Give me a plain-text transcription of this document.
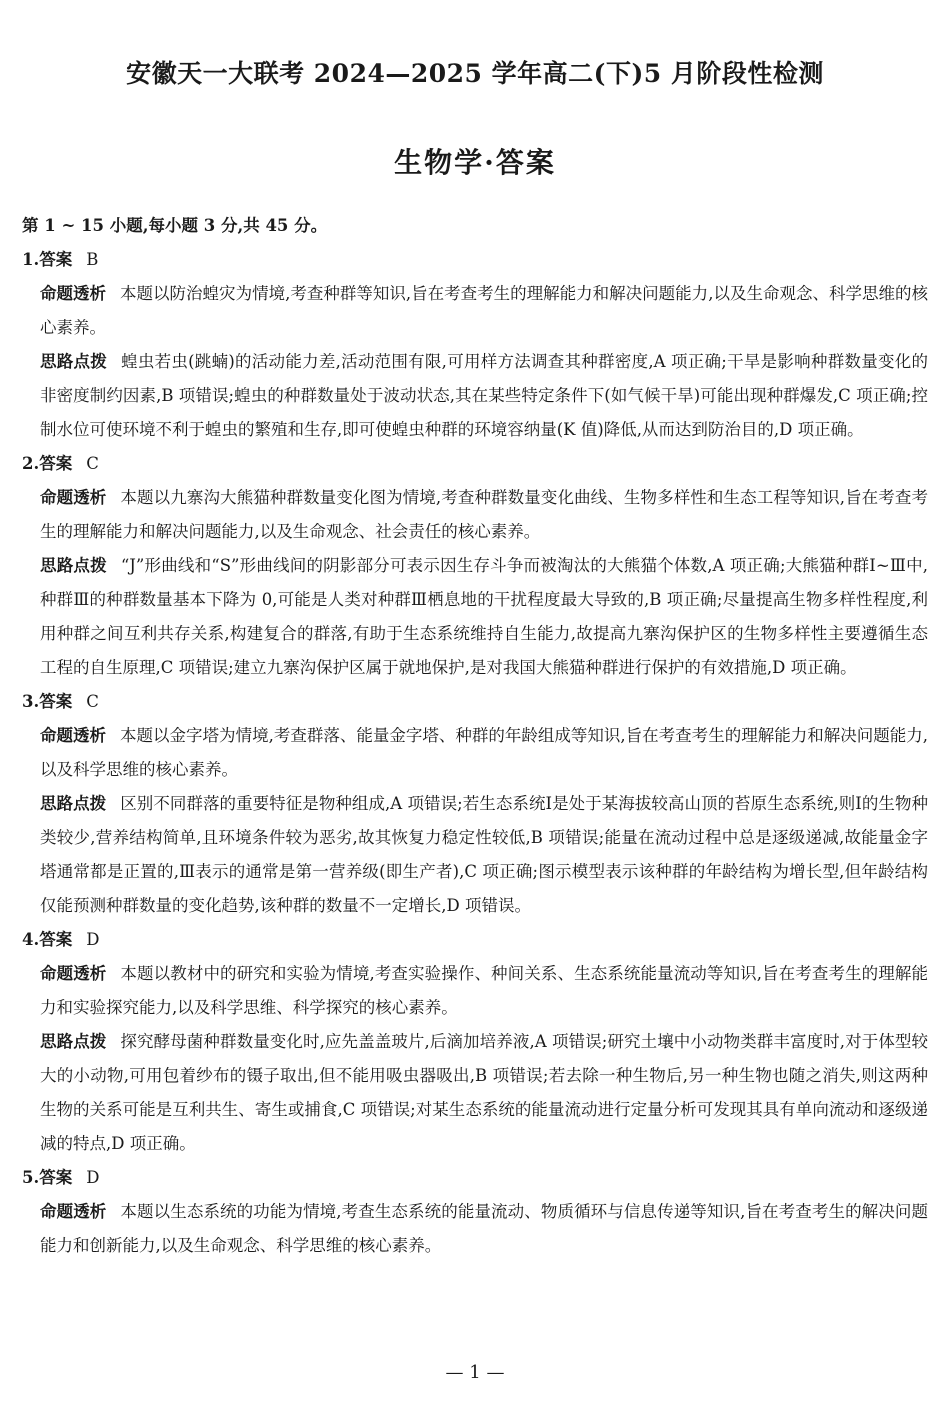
安徽天一大联考 2024—2025 学年高二(下)5 月阶段性检测
生物学·答案
第 1 ~ 15 小题,每小题 3 分,共 45 分。
1.答案 B
命题透析 本题以防治蝗灾为情境,考查种群等知识,旨在考查考生的理解能力和解决问题能力,以及生命观念、科学思维的核心素养。
思路点拨 蝗虫若虫(跳蝻)的活动能力差,活动范围有限,可用样方法调查其种群密度,A 项正确;干旱是影响种群数量变化的非密度制约因素,B 项错误;蝗虫的种群数量处于波动状态,其在某些特定条件下(如气候干旱)可能出现种群爆发,C 项正确;控制水位可使环境不利于蝗虫的繁殖和生存,即可使蝗虫种群的环境容纳量(K 值)降低,从而达到防治目的,D 项正确。
2.答案 C
命题透析 本题以九寨沟大熊猫种群数量变化图为情境,考查种群数量变化曲线、生物多样性和生态工程等知识,旨在考查考生的理解能力和解决问题能力,以及生命观念、社会责任的核心素养。
思路点拨 “J”形曲线和“S”形曲线间的阴影部分可表示因生存斗争而被淘汰的大熊猫个体数,A 项正确;大熊猫种群Ⅰ~Ⅲ中,种群Ⅲ的种群数量基本下降为 0,可能是人类对种群Ⅲ栖息地的干扰程度最大导致的,B 项正确;尽量提高生物多样性程度,利用种群之间互利共存关系,构建复合的群落,有助于生态系统维持自生能力,故提高九寨沟保护区的生物多样性主要遵循生态工程的自生原理,C 项错误;建立九寨沟保护区属于就地保护,是对我国大熊猫种群进行保护的有效措施,D 项正确。
3.答案 C
命题透析 本题以金字塔为情境,考查群落、能量金字塔、种群的年龄组成等知识,旨在考查考生的理解能力和解决问题能力,以及科学思维的核心素养。
思路点拨 区别不同群落的重要特征是物种组成,A 项错误;若生态系统Ⅰ是处于某海拔较高山顶的苔原生态系统,则Ⅰ的生物种类较少,营养结构简单,且环境条件较为恶劣,故其恢复力稳定性较低,B 项错误;能量在流动过程中总是逐级递减,故能量金字塔通常都是正置的,Ⅲ表示的通常是第一营养级(即生产者),C 项正确;图示模型表示该种群的年龄结构为增长型,但年龄结构仅能预测种群数量的变化趋势,该种群的数量不一定增长,D 项错误。
4.答案 D
命题透析 本题以教材中的研究和实验为情境,考查实验操作、种间关系、生态系统能量流动等知识,旨在考查考生的理解能力和实验探究能力,以及科学思维、科学探究的核心素养。
思路点拨 探究酵母菌种群数量变化时,应先盖盖玻片,后滴加培养液,A 项错误;研究土壤中小动物类群丰富度时,对于体型较大的小动物,可用包着纱布的镊子取出,但不能用吸虫器吸出,B 项错误;若去除一种生物后,另一种生物也随之消失,则这两种生物的关系可能是互利共生、寄生或捕食,C 项错误;对某生态系统的能量流动进行定量分析可发现其具有单向流动和逐级递减的特点,D 项正确。
5.答案 D
命题透析 本题以生态系统的功能为情境,考查生态系统的能量流动、物质循环与信息传递等知识,旨在考查考生的解决问题能力和创新能力,以及生命观念、科学思维的核心素养。
— 1 —
